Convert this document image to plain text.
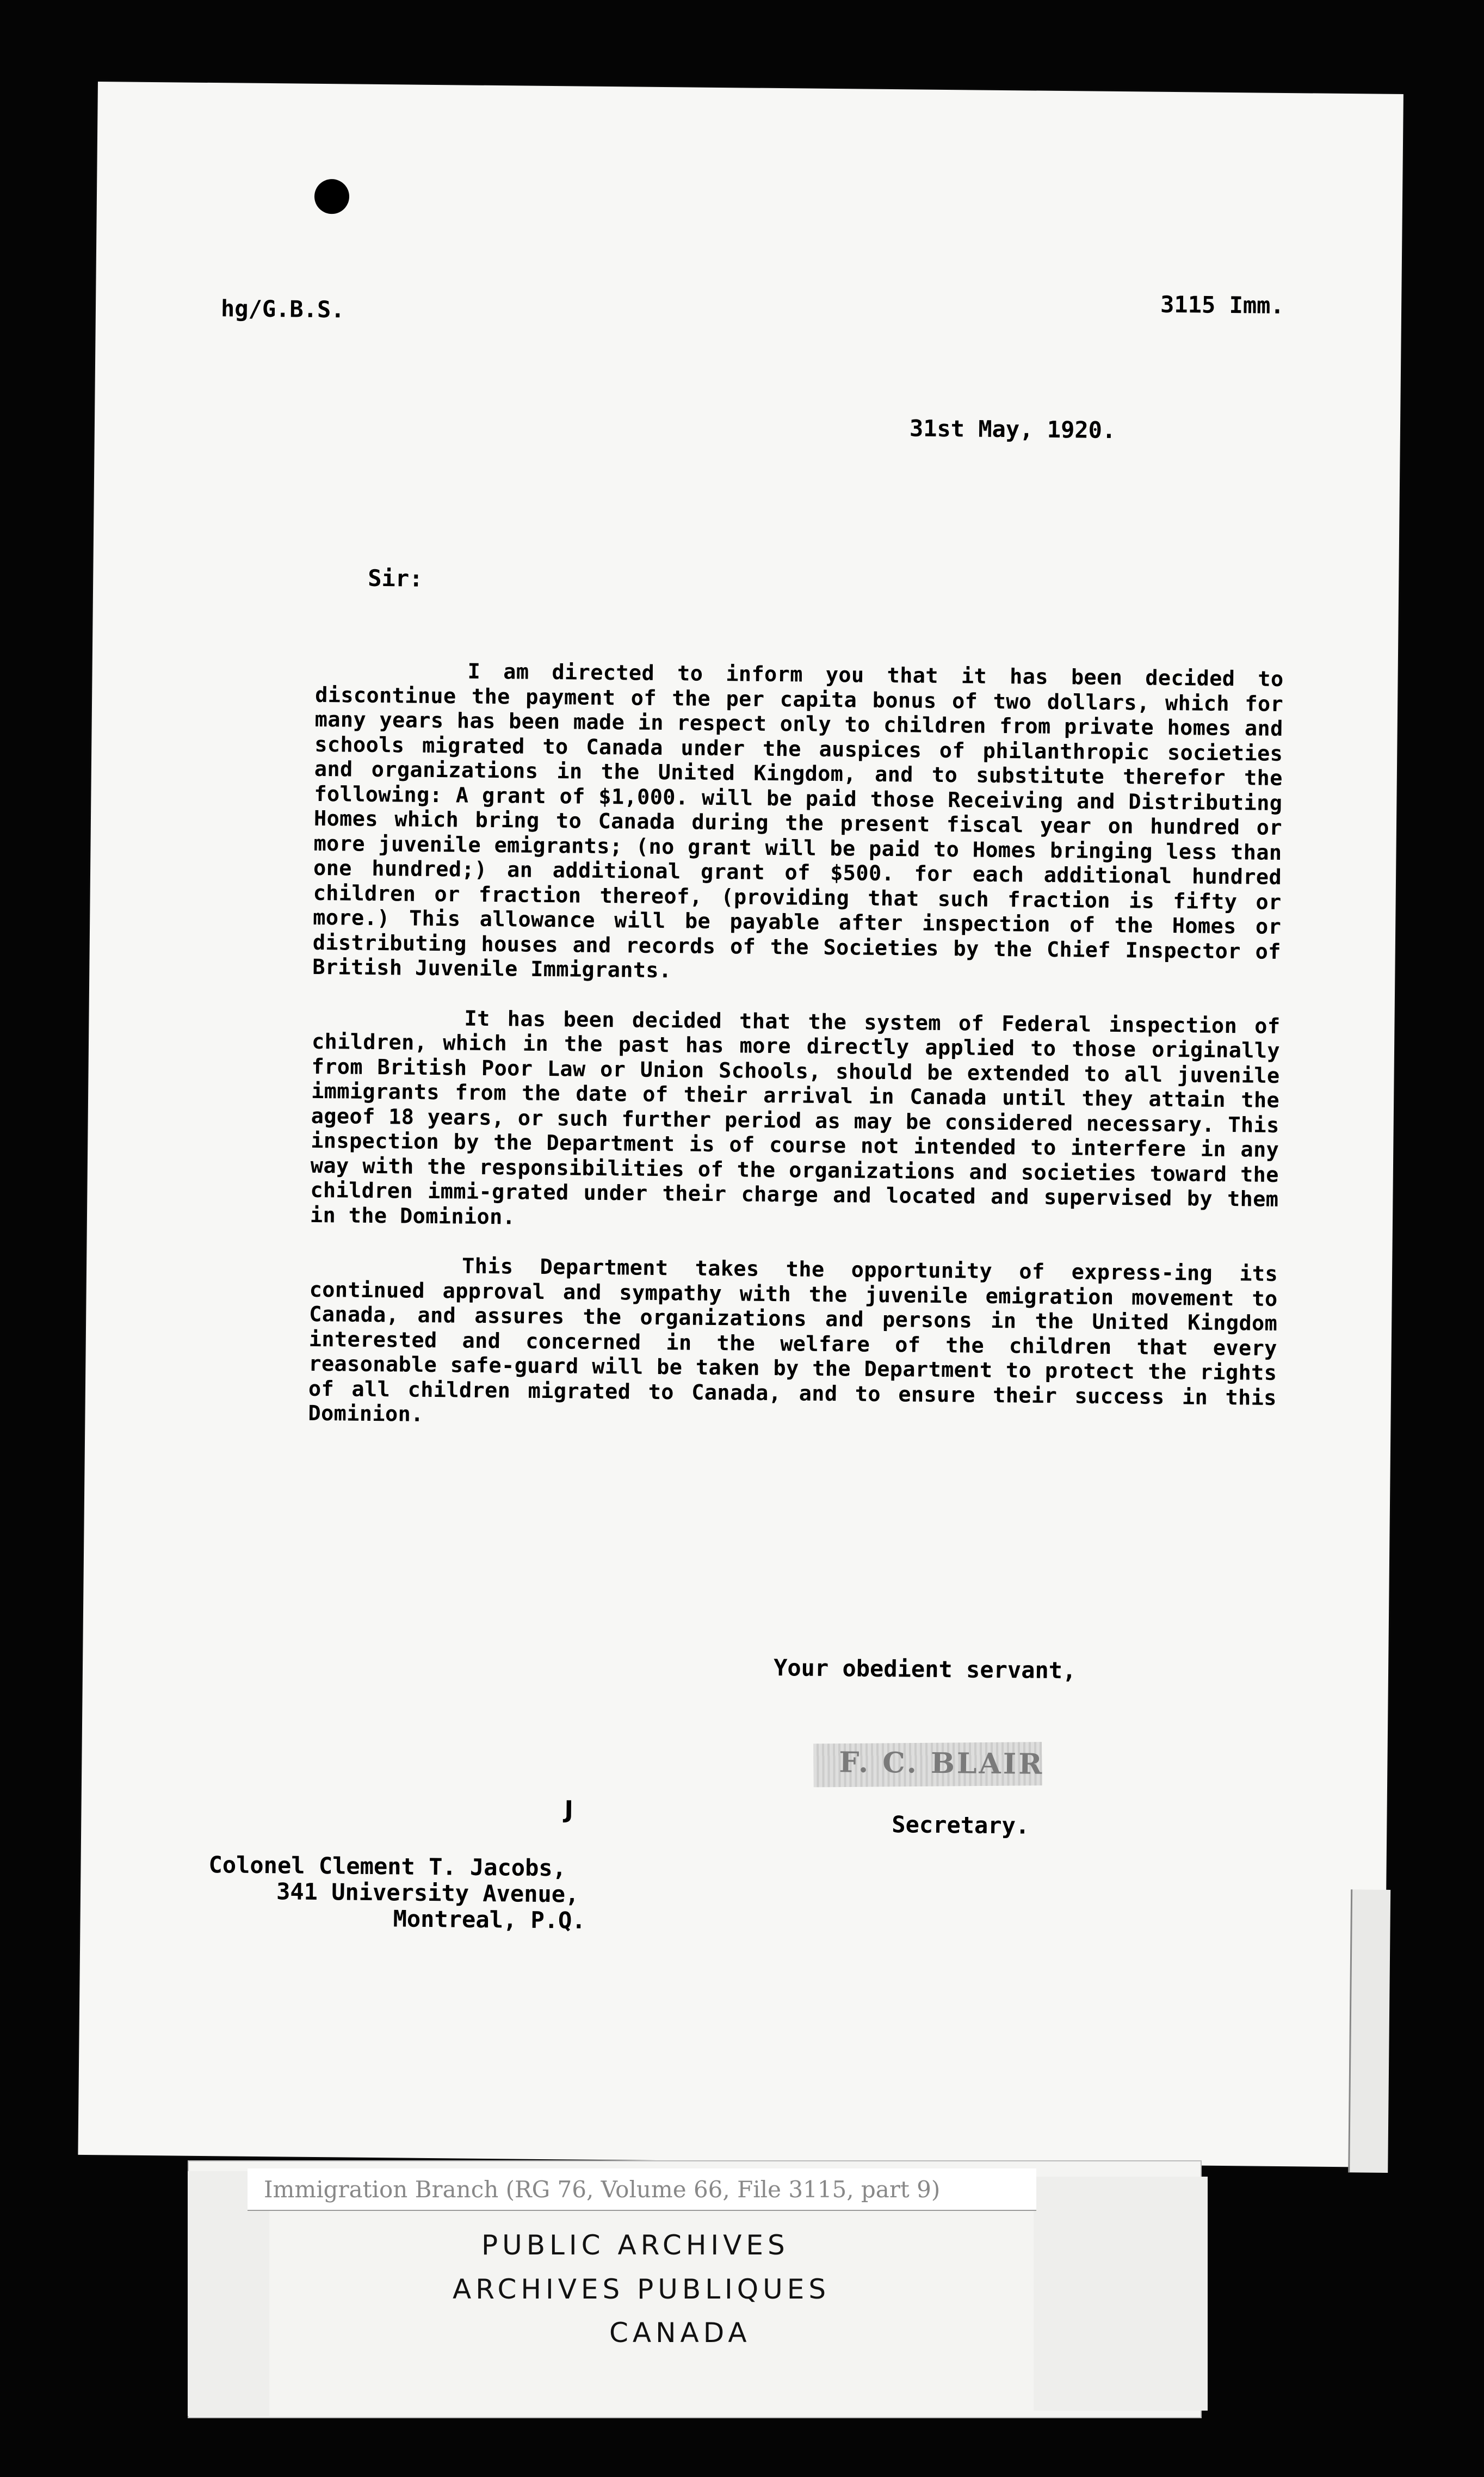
hg/G.B.S.	3115 Imm.
31st May, 1920.
Sir:

I am directed to inform you that it has been decided to discontinue the payment of the per capita bonus of two dollars, which for many years has been made in respect only to children from private homes and schools migrated to Canada under the auspices of philanthropic societies and organizations in the United Kingdom, and to substitute therefor the following: A grant of $1,000. will be paid those Receiving and Distributing Homes which bring to Canada during the present fiscal year on hundred or more juvenile emigrants; (no grant will be paid to Homes bringing less than one hundred;) an additional grant of $500. for each additional hundred children or fraction thereof, (providing that such fraction is fifty or more.) This allowance will be payable after inspection of the Homes or distributing houses and records of the Societies by the Chief Inspector of British Juvenile Immigrants.

It has been decided that the system of Federal inspection of children, which in the past has more directly applied to those originally from British Poor Law or Union Schools, should be extended to all juvenile immigrants from the date of their arrival in Canada until they attain the ageof 18 years, or such further period as may be considered necessary. This inspection by the Department is of course not intended to interfere in any way with the responsibilities of the organizations and societies toward the children immi-grated under their charge and located and supervised by them in the Dominion.

This Department takes the opportunity of express-ing its continued approval and sympathy with the juvenile emigration movement to Canada, and assures the organizations and persons in the United Kingdom interested and concerned in the welfare of the children that every reasonable safe-guard will be taken by the Department to protect the rights of all children migrated to Canada, and to ensure their success in this Dominion.

Your obedient servant,
F. C. BLAIR
Secretary.
J
Colonel Clement T. Jacobs,
341 University Avenue,
Montreal, P.Q.
Immigration Branch (RG 76, Volume 66, File 3115, part 9)
PUBLIC ARCHIVES
ARCHIVES PUBLIQUES
CANADA
